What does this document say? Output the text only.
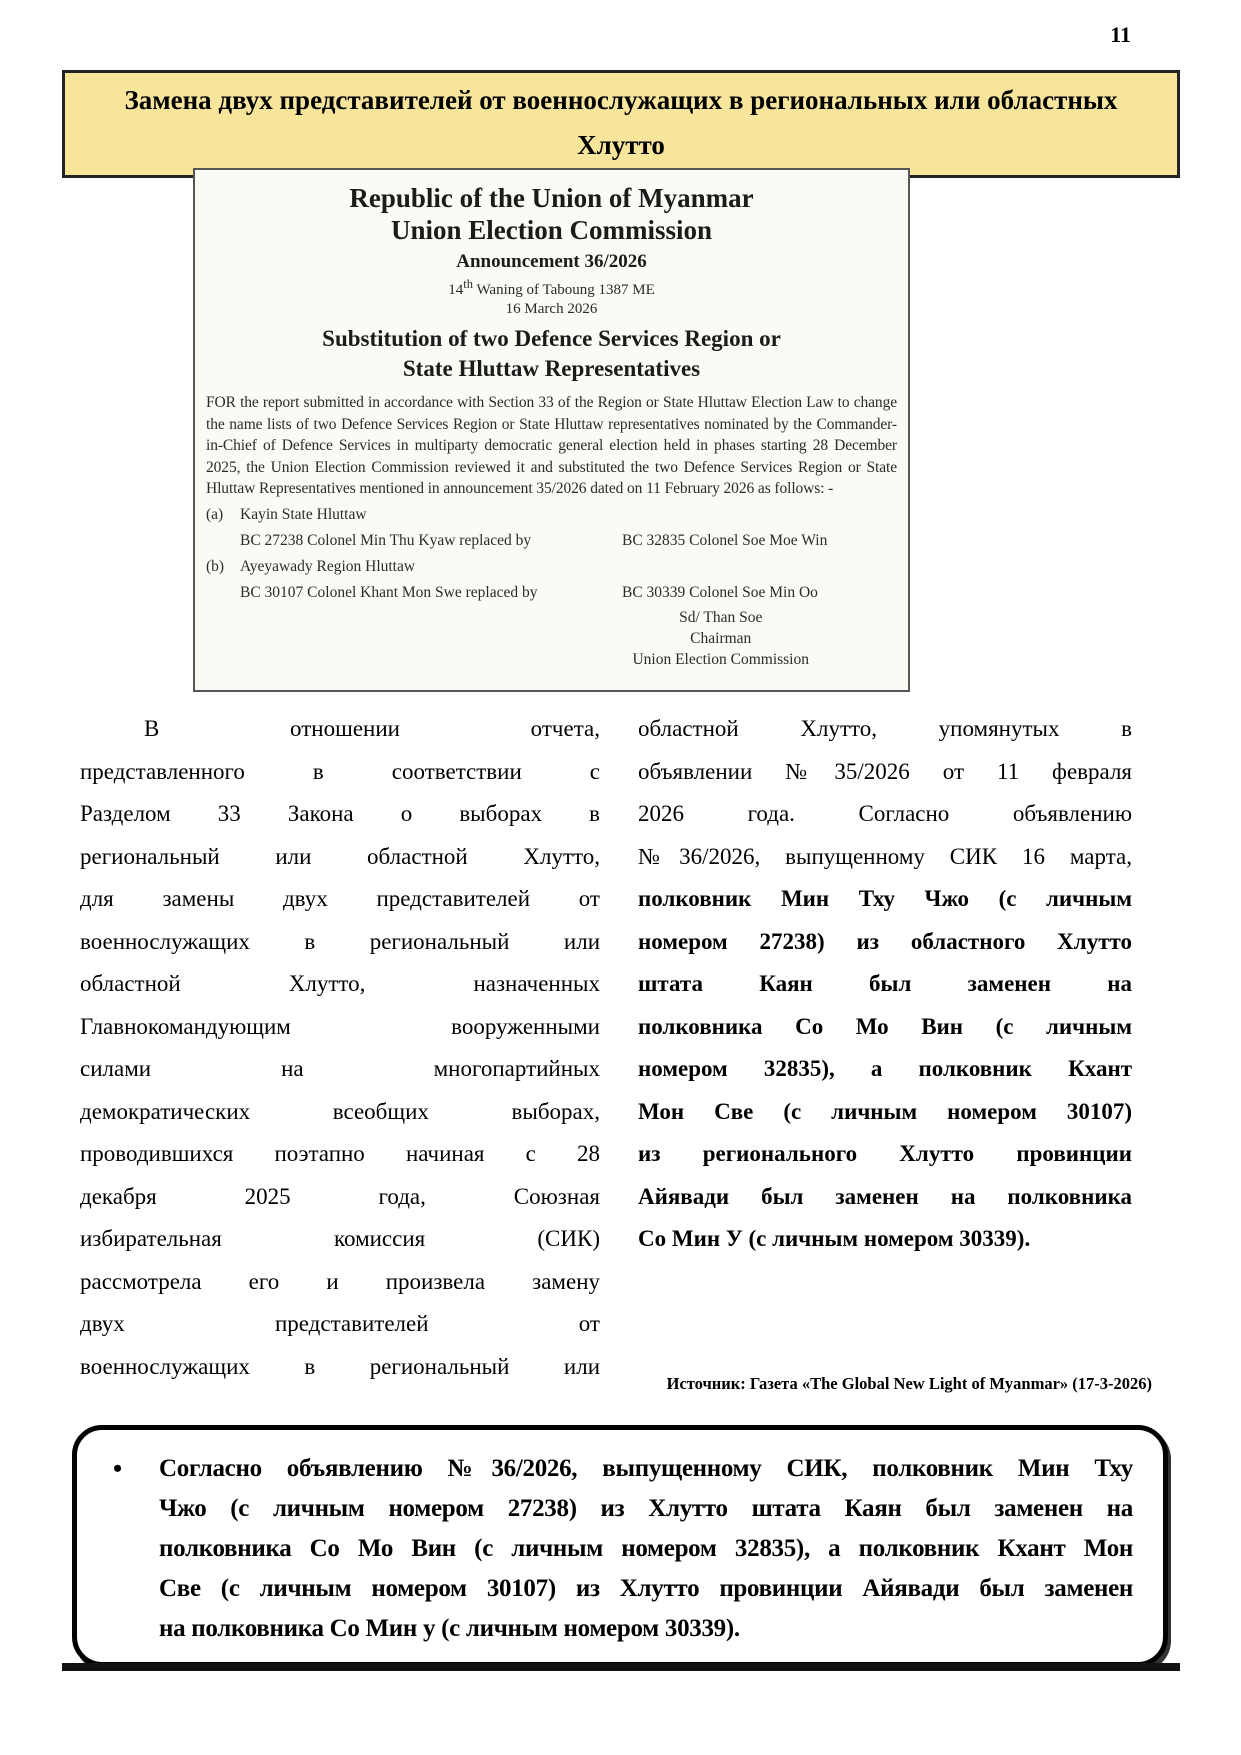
11
Замена двух представителей от военнослужащих в региональных или областных Хлутто
Republic of the Union of Myanmar
Union Election Commission
Announcement 36/2026
14th Waning of Taboung 1387 ME
16 March 2026
Substitution of two Defence Services Region or
State Hluttaw Representatives
FOR the report submitted in accordance with Section 33 of the Region or State Hluttaw Election Law to change the name lists of two Defence Services Region or State Hluttaw representatives nominated by the Commander-in-Chief of Defence Services in multiparty democratic general election held in phases starting 28 December 2025, the Union Election Commission reviewed it and substituted the two Defence Services Region or State Hluttaw Representatives mentioned in announcement 35/2026 dated on 11 February 2026 as follows: -
(a)	Kayin State Hluttaw
BC 27238 Colonel Min Thu Kyaw replaced by	BC 32835 Colonel Soe Moe Win
(b)	Ayeyawady Region Hluttaw
BC 30107 Colonel Khant Mon Swe replaced by	BC 30339 Colonel Soe Min Oo
Sd/ Than Soe
Chairman
Union Election Commission
В отношении отчета,
представленного в соответствии с
Разделом 33 Закона о выборах в
региональный или областной Хлутто,
для замены двух представителей от
военнослужащих в региональный или
областной Хлутто, назначенных
Главнокомандующим вооруженными
силами на многопартийных
демократических всеобщих выборах,
проводившихся поэтапно начиная с 28
декабря 2025 года, Союзная
избирательная комиссия (СИК)
рассмотрела его и произвела замену
двух представителей от
военнослужащих в региональный или
областной Хлутто, упомянутых в
объявлении №35/2026 от 11 февраля
2026 года. Согласно объявлению
№36/2026, выпущенному СИК 16 марта,
полковник Мин Тху Чжо (с личным
номером 27238) из областного Хлутто
штата Каян был заменен на
полковника Со Мо Вин (с личным
номером 32835), а полковник Кхант
Мон Све (с личным номером 30107)
из регионального Хлутто провинции
Айявади был заменен на полковника
Со Мин У (с личным номером 30339).
Источник: Газета «The Global New Light of Myanmar» (17-3-2026)
•	Согласно объявлению №36/2026, выпущенному СИК, полковник Мин Тху
Чжо (с личным номером 27238) из Хлутто штата Каян был заменен на
полковника Со Мо Вин (с личным номером 32835), а полковник Кхант Мон
Све (с личным номером 30107) из Хлутто провинции Айявади был заменен
на полковника Со Мин у (с личным номером 30339).
